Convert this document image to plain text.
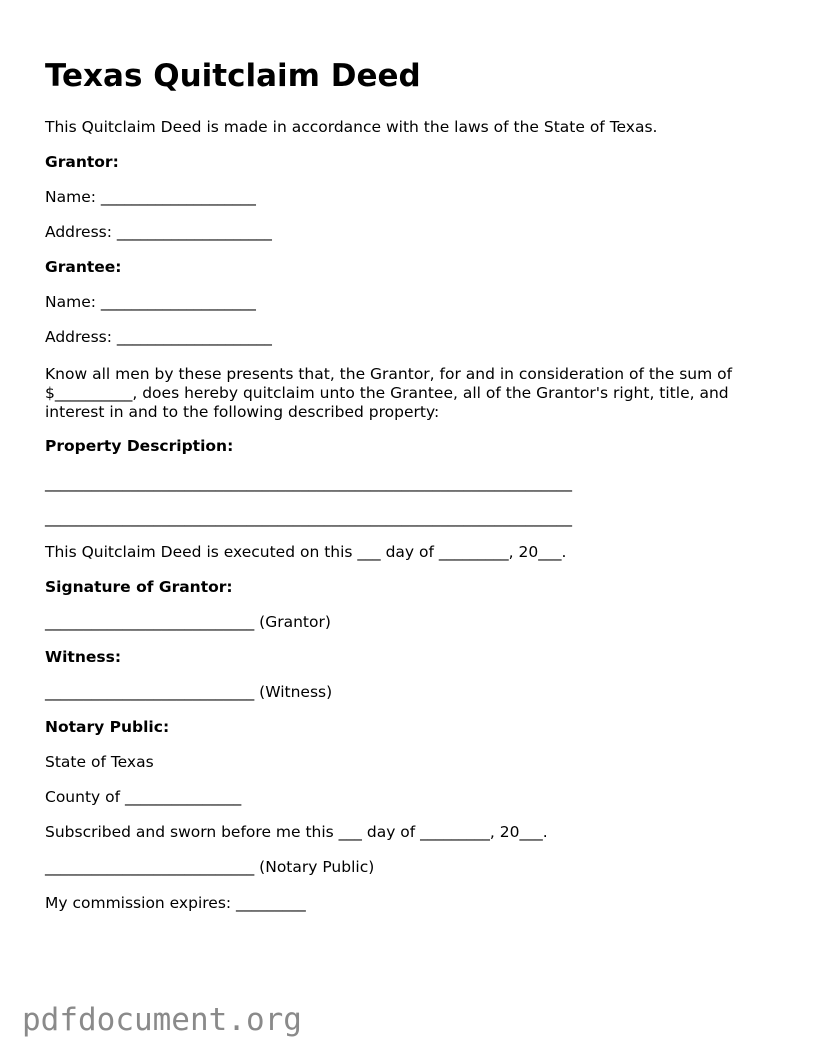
Texas Quitclaim Deed

This Quitclaim Deed is made in accordance with the laws of the State of Texas.

Grantor:

Name: ____________________

Address: ____________________

Grantee:

Name: ____________________

Address: ____________________

Know all men by these presents that, the Grantor, for and in consideration of the sum of $__________, does hereby quitclaim unto the Grantee, all of the Grantor's right, title, and interest in and to the following described property:

Property Description:

____________________________________________________________________

____________________________________________________________________

This Quitclaim Deed is executed on this ___ day of _________, 20___.

Signature of Grantor:

___________________________ (Grantor)

Witness:

___________________________ (Witness)

Notary Public:

State of Texas

County of _______________

Subscribed and sworn before me this ___ day of _________, 20___.

___________________________ (Notary Public)

My commission expires: _________

pdfdocument.org
